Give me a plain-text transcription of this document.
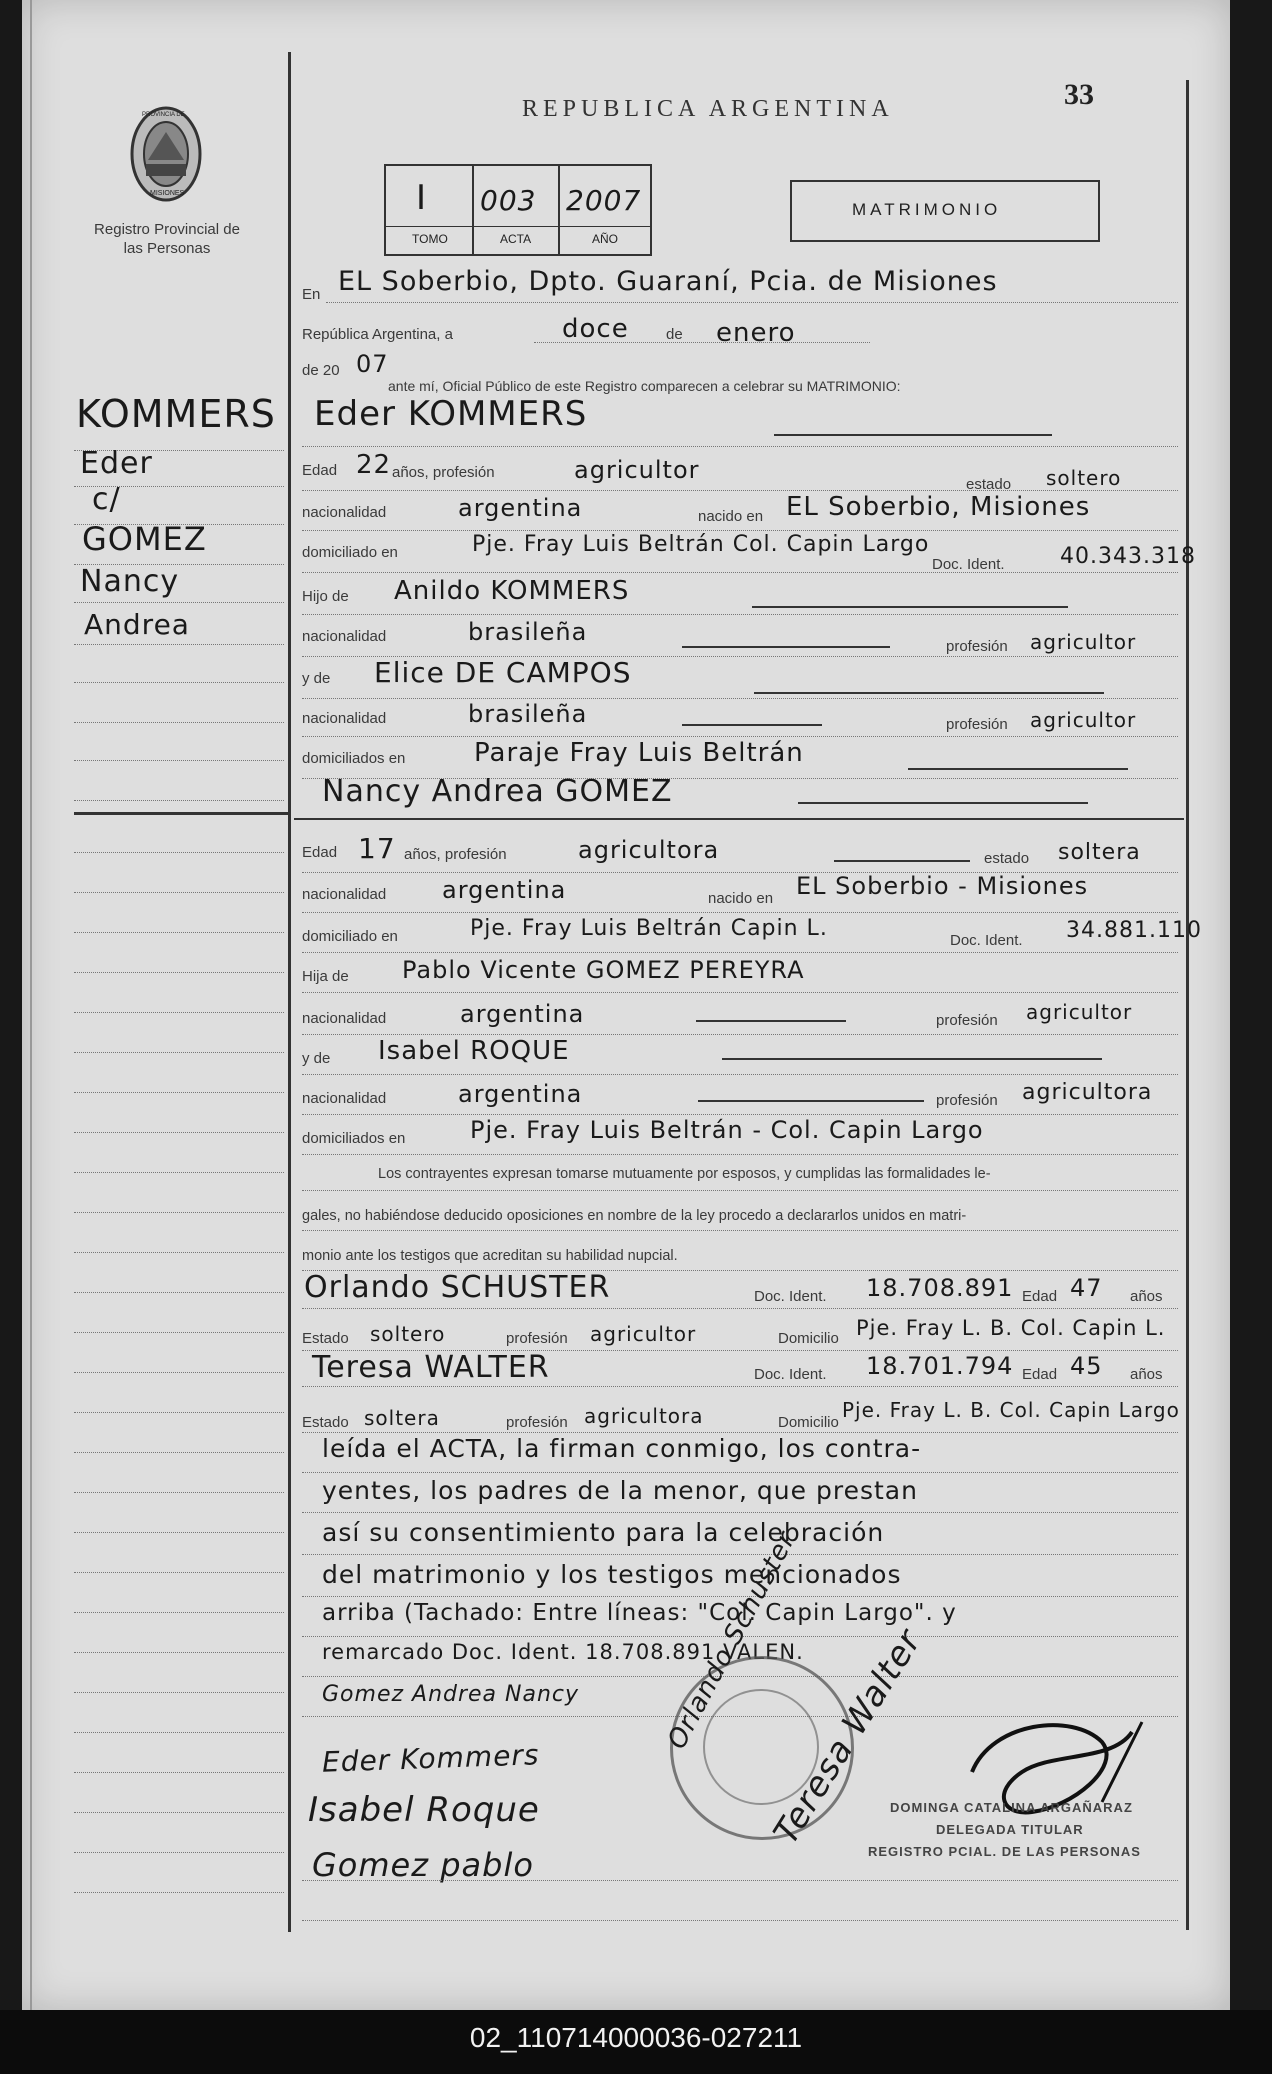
PROVINCIA DE
MISIONES
Registro Provincial de las Personas
REPUBLICA ARGENTINA	33
I 003 2007
TOMO	ACTA	AÑO
MATRIMONIO
KOMMERS
Eder
c/
GOMEZ
Nancy
Andrea
En EL Soberbio, Dpto. Guaraní, Pcia. de Misiones
República Argentina, a	doce de enero
de 20 07
ante mí, Oficial Público de este Registro comparecen a celebrar su MATRIMONIO:
Eder KOMMERS
Edad 22 años, profesión	agricultor
estado soltero
nacionalidad	argentina	nacido en EL Soberbio, Misiones
domiciliado en	Pje. Fray Luis Beltrán Col. Capin Largo
Doc. Ident.	40.343.318
Hijo de Anildo KOMMERS
nacionalidad	brasileña
profesión agricultor
y de Elice DE CAMPOS
nacionalidad	brasileña	profesión agricultor
domiciliados en	Paraje Fray Luis Beltrán
Nancy Andrea GOMEZ
Edad 17 años, profesión	agricultora	estado soltera
nacionalidad argentina	nacido en EL Soberbio - Misiones
domiciliado en	Pje. Fray Luis Beltrán Capin L.	Doc. Ident. 34.881.110
Hija de Pablo Vicente GOMEZ PEREYRA
nacionalidad	argentina	profesión agricultor
y de Isabel ROQUE
nacionalidad	argentina	profesión agricultora
domiciliados en	Pje. Fray Luis Beltrán - Col. Capin Largo
Los contrayentes expresan tomarse mutuamente por esposos, y cumplidas las formalidades le-
gales, no habiéndose deducido oposiciones en nombre de la ley procedo a declararlos unidos en matri-
monio ante los testigos que acreditan su habilidad nupcial.
Orlando SCHUSTER	Doc. Ident. 18.708.891 Edad 47 años
Estado soltero	profesión agricultor	Domicilio Pje. Fray L. B. Col. Capin L.
Teresa WALTER	Doc. Ident. 18.701.794 Edad 45 años
Estado soltera	profesión agricultora	Domicilio
Pje. Fray L. B. Col. Capin Largo
leída el ACTA, la firman conmigo, los contra-
yentes, los padres de la menor, que prestan
así su consentimiento para la celebración
del matrimonio y los testigos mencionados
arriba (Tachado: Entre líneas: "Col. Capin Largo". y
remarcado Doc. Ident. 18.708.891 VALEN.
Gomez Andrea Nancy
Eder Kommers
Isabel Roque
Gomez pablo
Orlando Schuster
Teresa Walter
DOMINGA CATALINA ARGAÑARAZ
DELEGADA TITULAR
REGISTRO PCIAL. DE LAS PERSONAS
02_110714000036-027211
